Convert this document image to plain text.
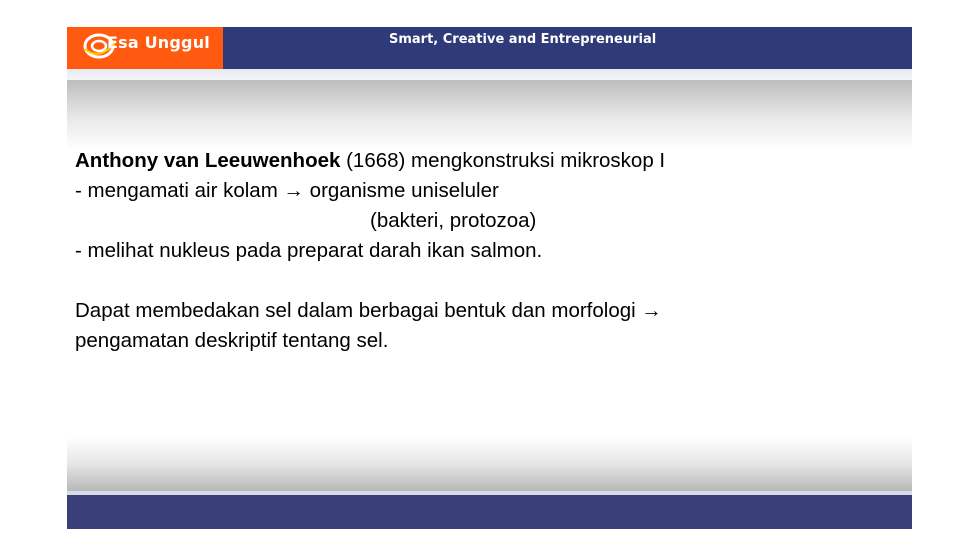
Smart, Creative and Entrepreneurial
Esa Unggul

Anthony van Leeuwenhoek (1668) mengkonstruksi mikroskop I

- mengamati air kolam → organisme uniseluler

(bakteri, protozoa)

- melihat nukleus pada preparat darah ikan salmon.

Dapat membedakan sel dalam berbagai bentuk dan morfologi →

pengamatan deskriptif tentang sel.
